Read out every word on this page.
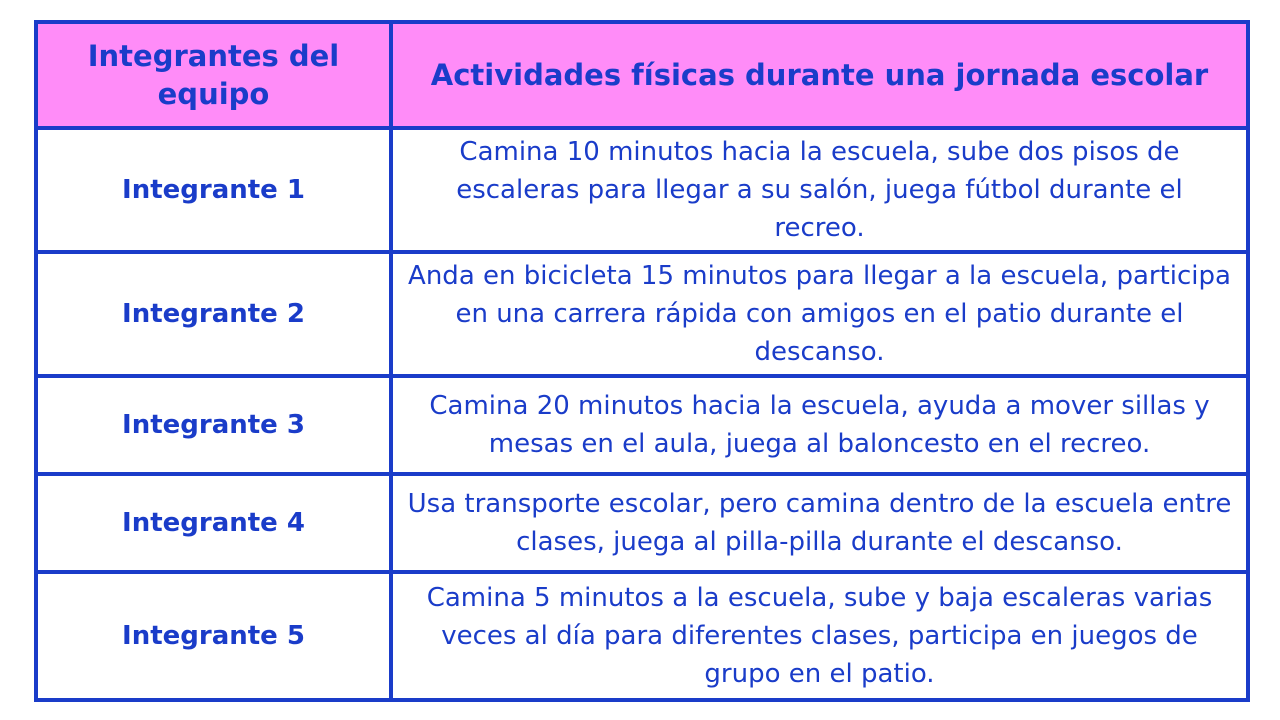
Integrantes del equipo	Actividades físicas durante una jornada escolar
Integrante 1	Camina 10 minutos hacia la escuela, sube dos pisos de escaleras para llegar a su salón, juega fútbol durante el recreo.
Integrante 2	Anda en bicicleta 15 minutos para llegar a la escuela, participa en una carrera rápida con amigos en el patio durante el descanso.
Integrante 3	Camina 20 minutos hacia la escuela, ayuda a mover sillas y mesas en el aula, juega al baloncesto en el recreo.
Integrante 4	Usa transporte escolar, pero camina dentro de la escuela entre clases, juega al pilla-pilla durante el descanso.
Integrante 5	Camina 5 minutos a la escuela, sube y baja escaleras varias veces al día para diferentes clases, participa en juegos de grupo en el patio.
